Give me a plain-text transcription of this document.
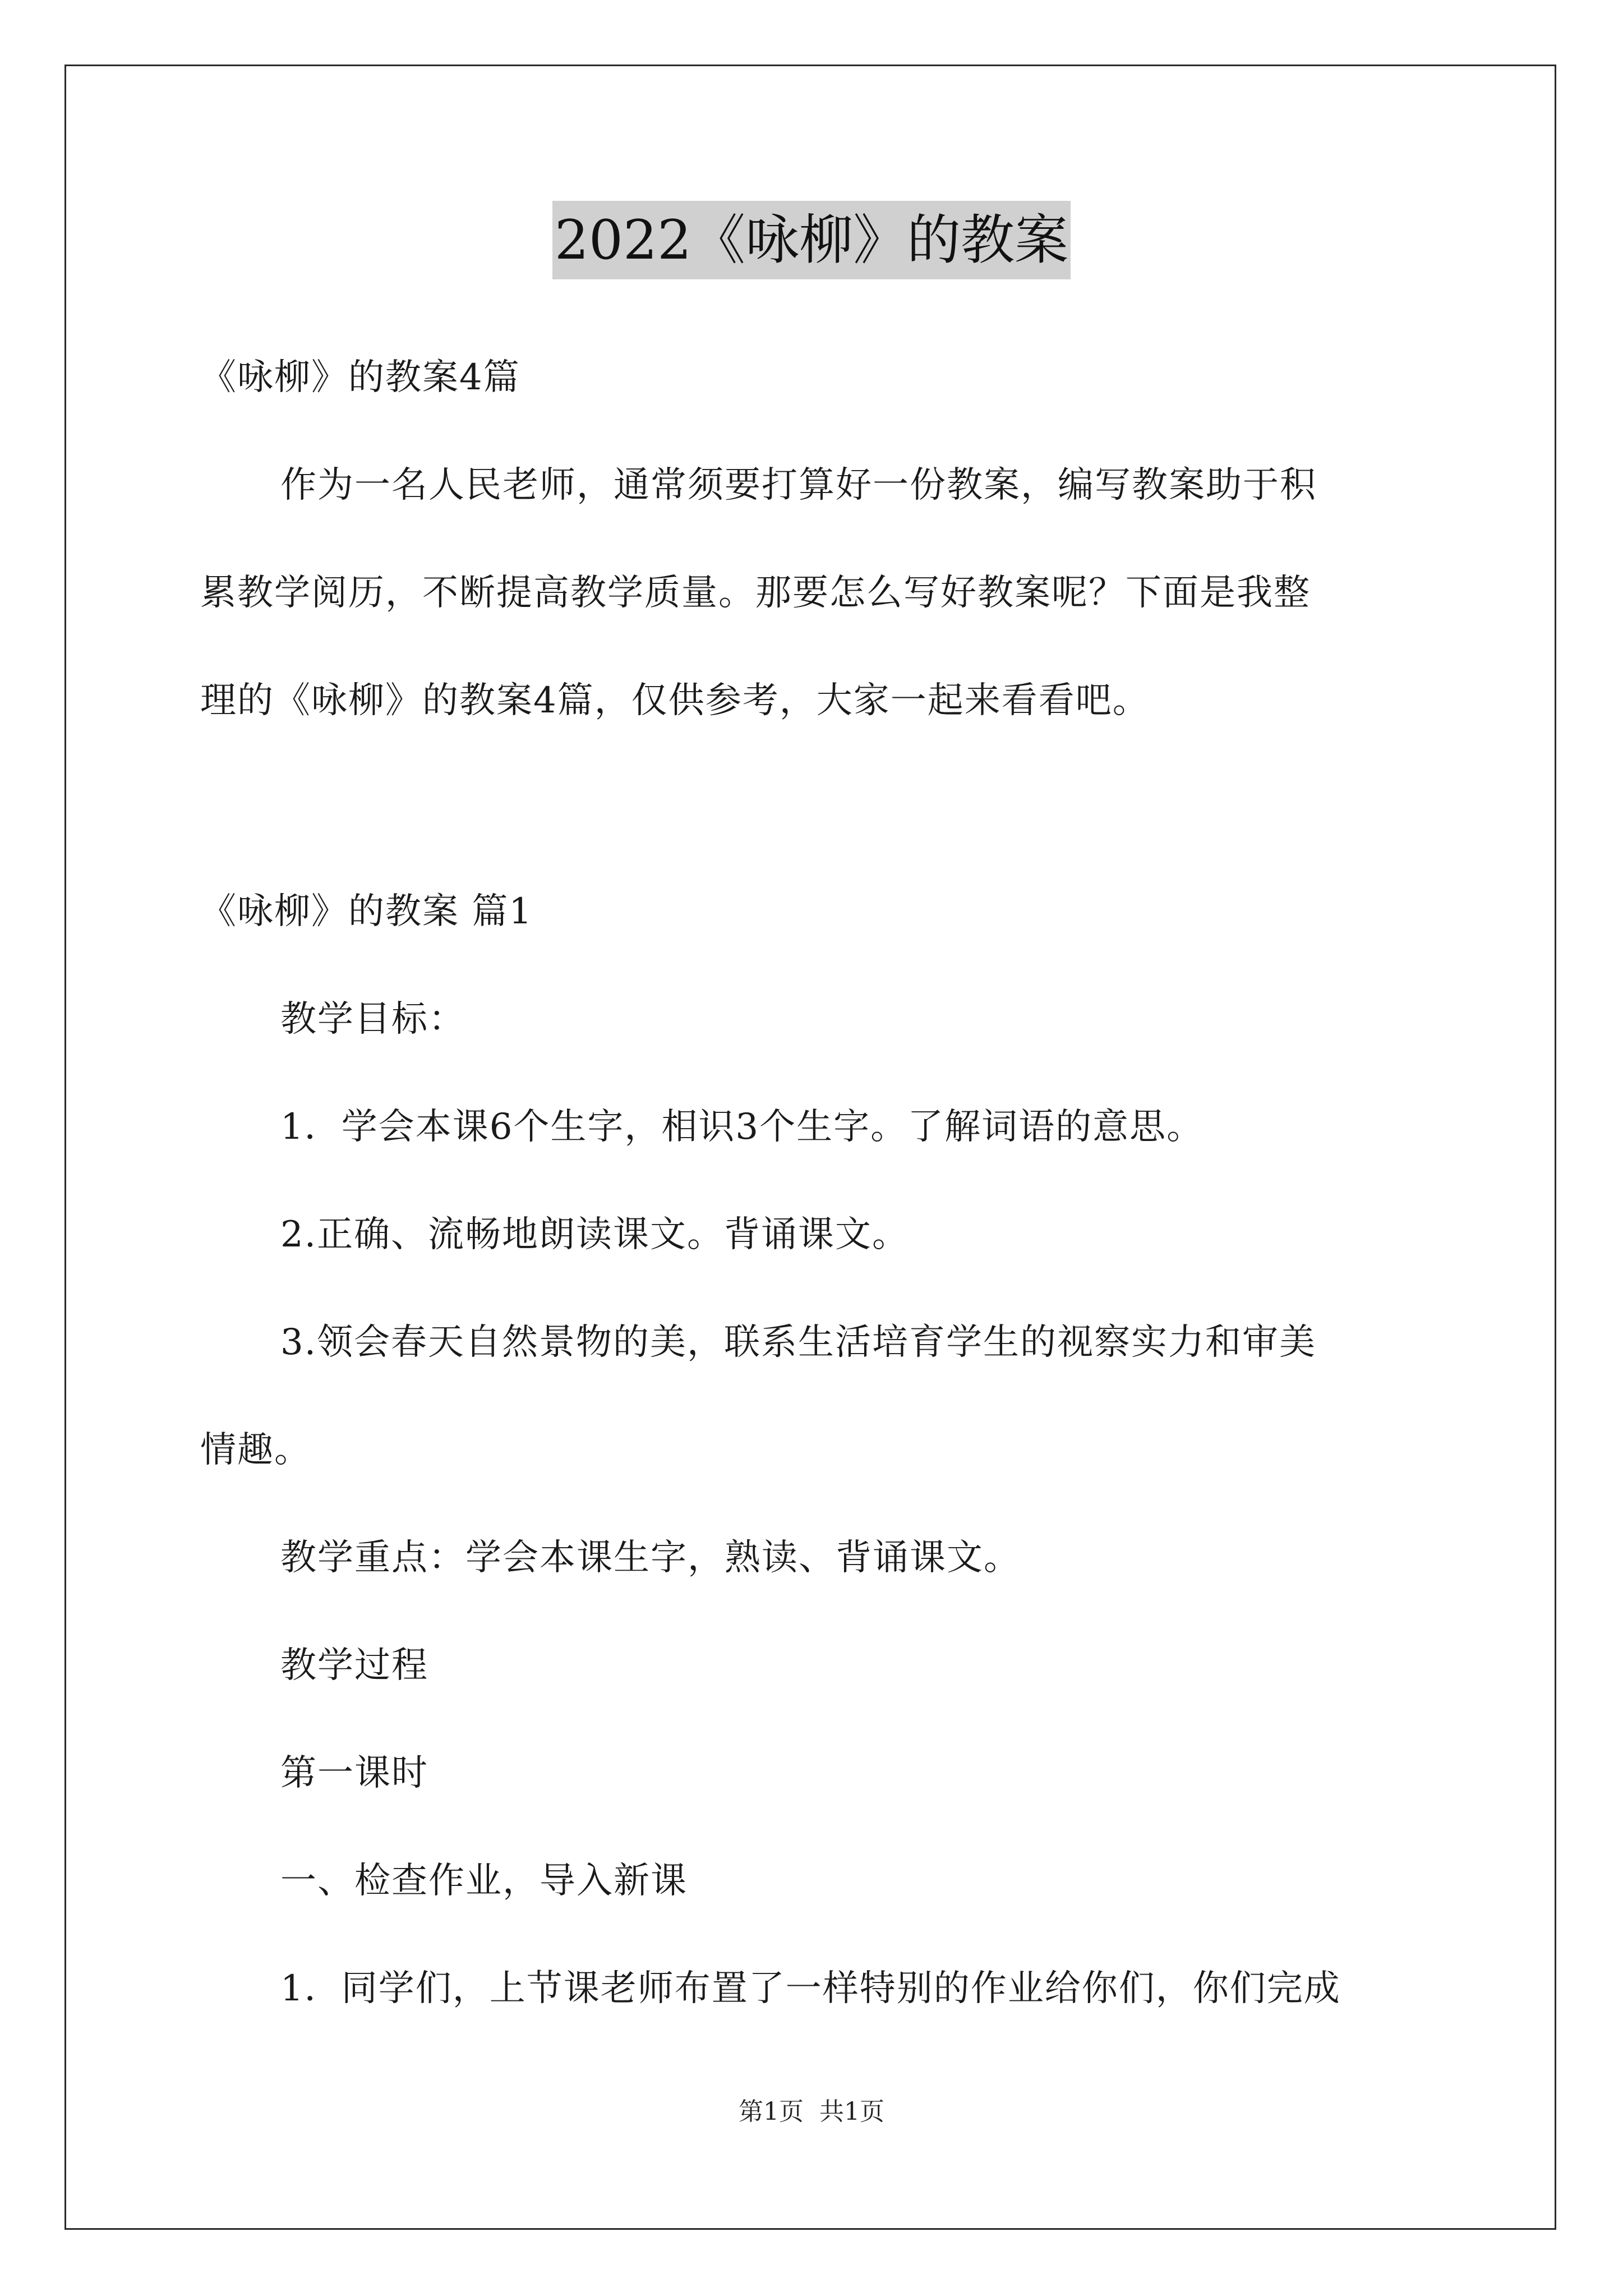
2022《咏柳》的教案
《咏柳》的教案4篇
作为一名人民老师，通常须要打算好一份教案，编写教案助于积
累教学阅历，不断提高教学质量。那要怎么写好教案呢？下面是我整
理的《咏柳》的教案4篇，仅供参考，大家一起来看看吧。
《咏柳》的教案 篇1
教学目标：
1．学会本课6个生字，相识3个生字。了解词语的意思。
2.正确、流畅地朗读课文。背诵课文。
3.领会春天自然景物的美，联系生活培育学生的视察实力和审美
情趣。
教学重点：学会本课生字，熟读、背诵课文。
教学过程
第一课时
一、检查作业，导入新课
1．同学们，上节课老师布置了一样特别的作业给你们，你们完成
第1页 共1页
